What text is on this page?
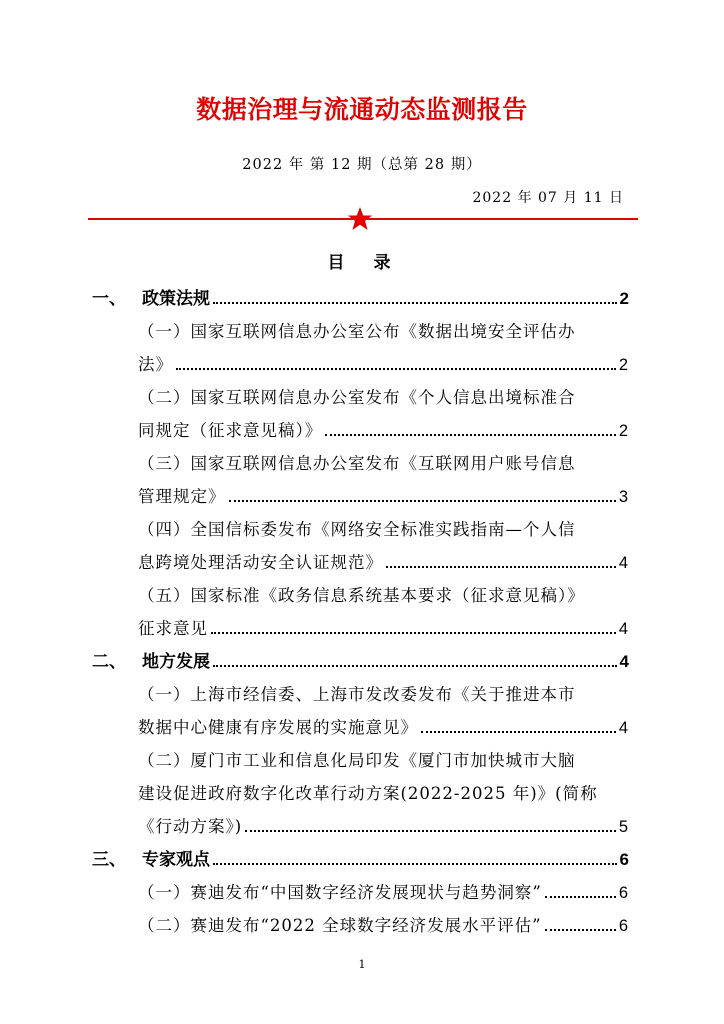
数据治理与流通动态监测报告
2022 年 第 12 期（总第 28 期）
2022 年 07 月 11 日
目　录
一、 政策法规	2
（一）国家互联网信息办公室公布《数据出境安全评估办
法》	2
（二）国家互联网信息办公室发布《个人信息出境标准合
同规定（征求意见稿）》	2
（三）国家互联网信息办公室发布《互联网用户账号信息
管理规定》	3
（四）全国信标委发布《网络安全标准实践指南—个人信
息跨境处理活动安全认证规范》	4
（五）国家标准《政务信息系统基本要求（征求意见稿）》
征求意见	4
二、 地方发展	4
（一）上海市经信委、上海市发改委发布《关于推进本市
数据中心健康有序发展的实施意见》	4
（二）厦门市工业和信息化局印发《厦门市加快城市大脑
建设促进政府数字化改革行动方案(2022-2025 年)》(简称
《行动方案》)	5
三、 专家观点	6
（一）赛迪发布“中国数字经济发展现状与趋势洞察”	6
（二）赛迪发布“2022 全球数字经济发展水平评估”	6
1
